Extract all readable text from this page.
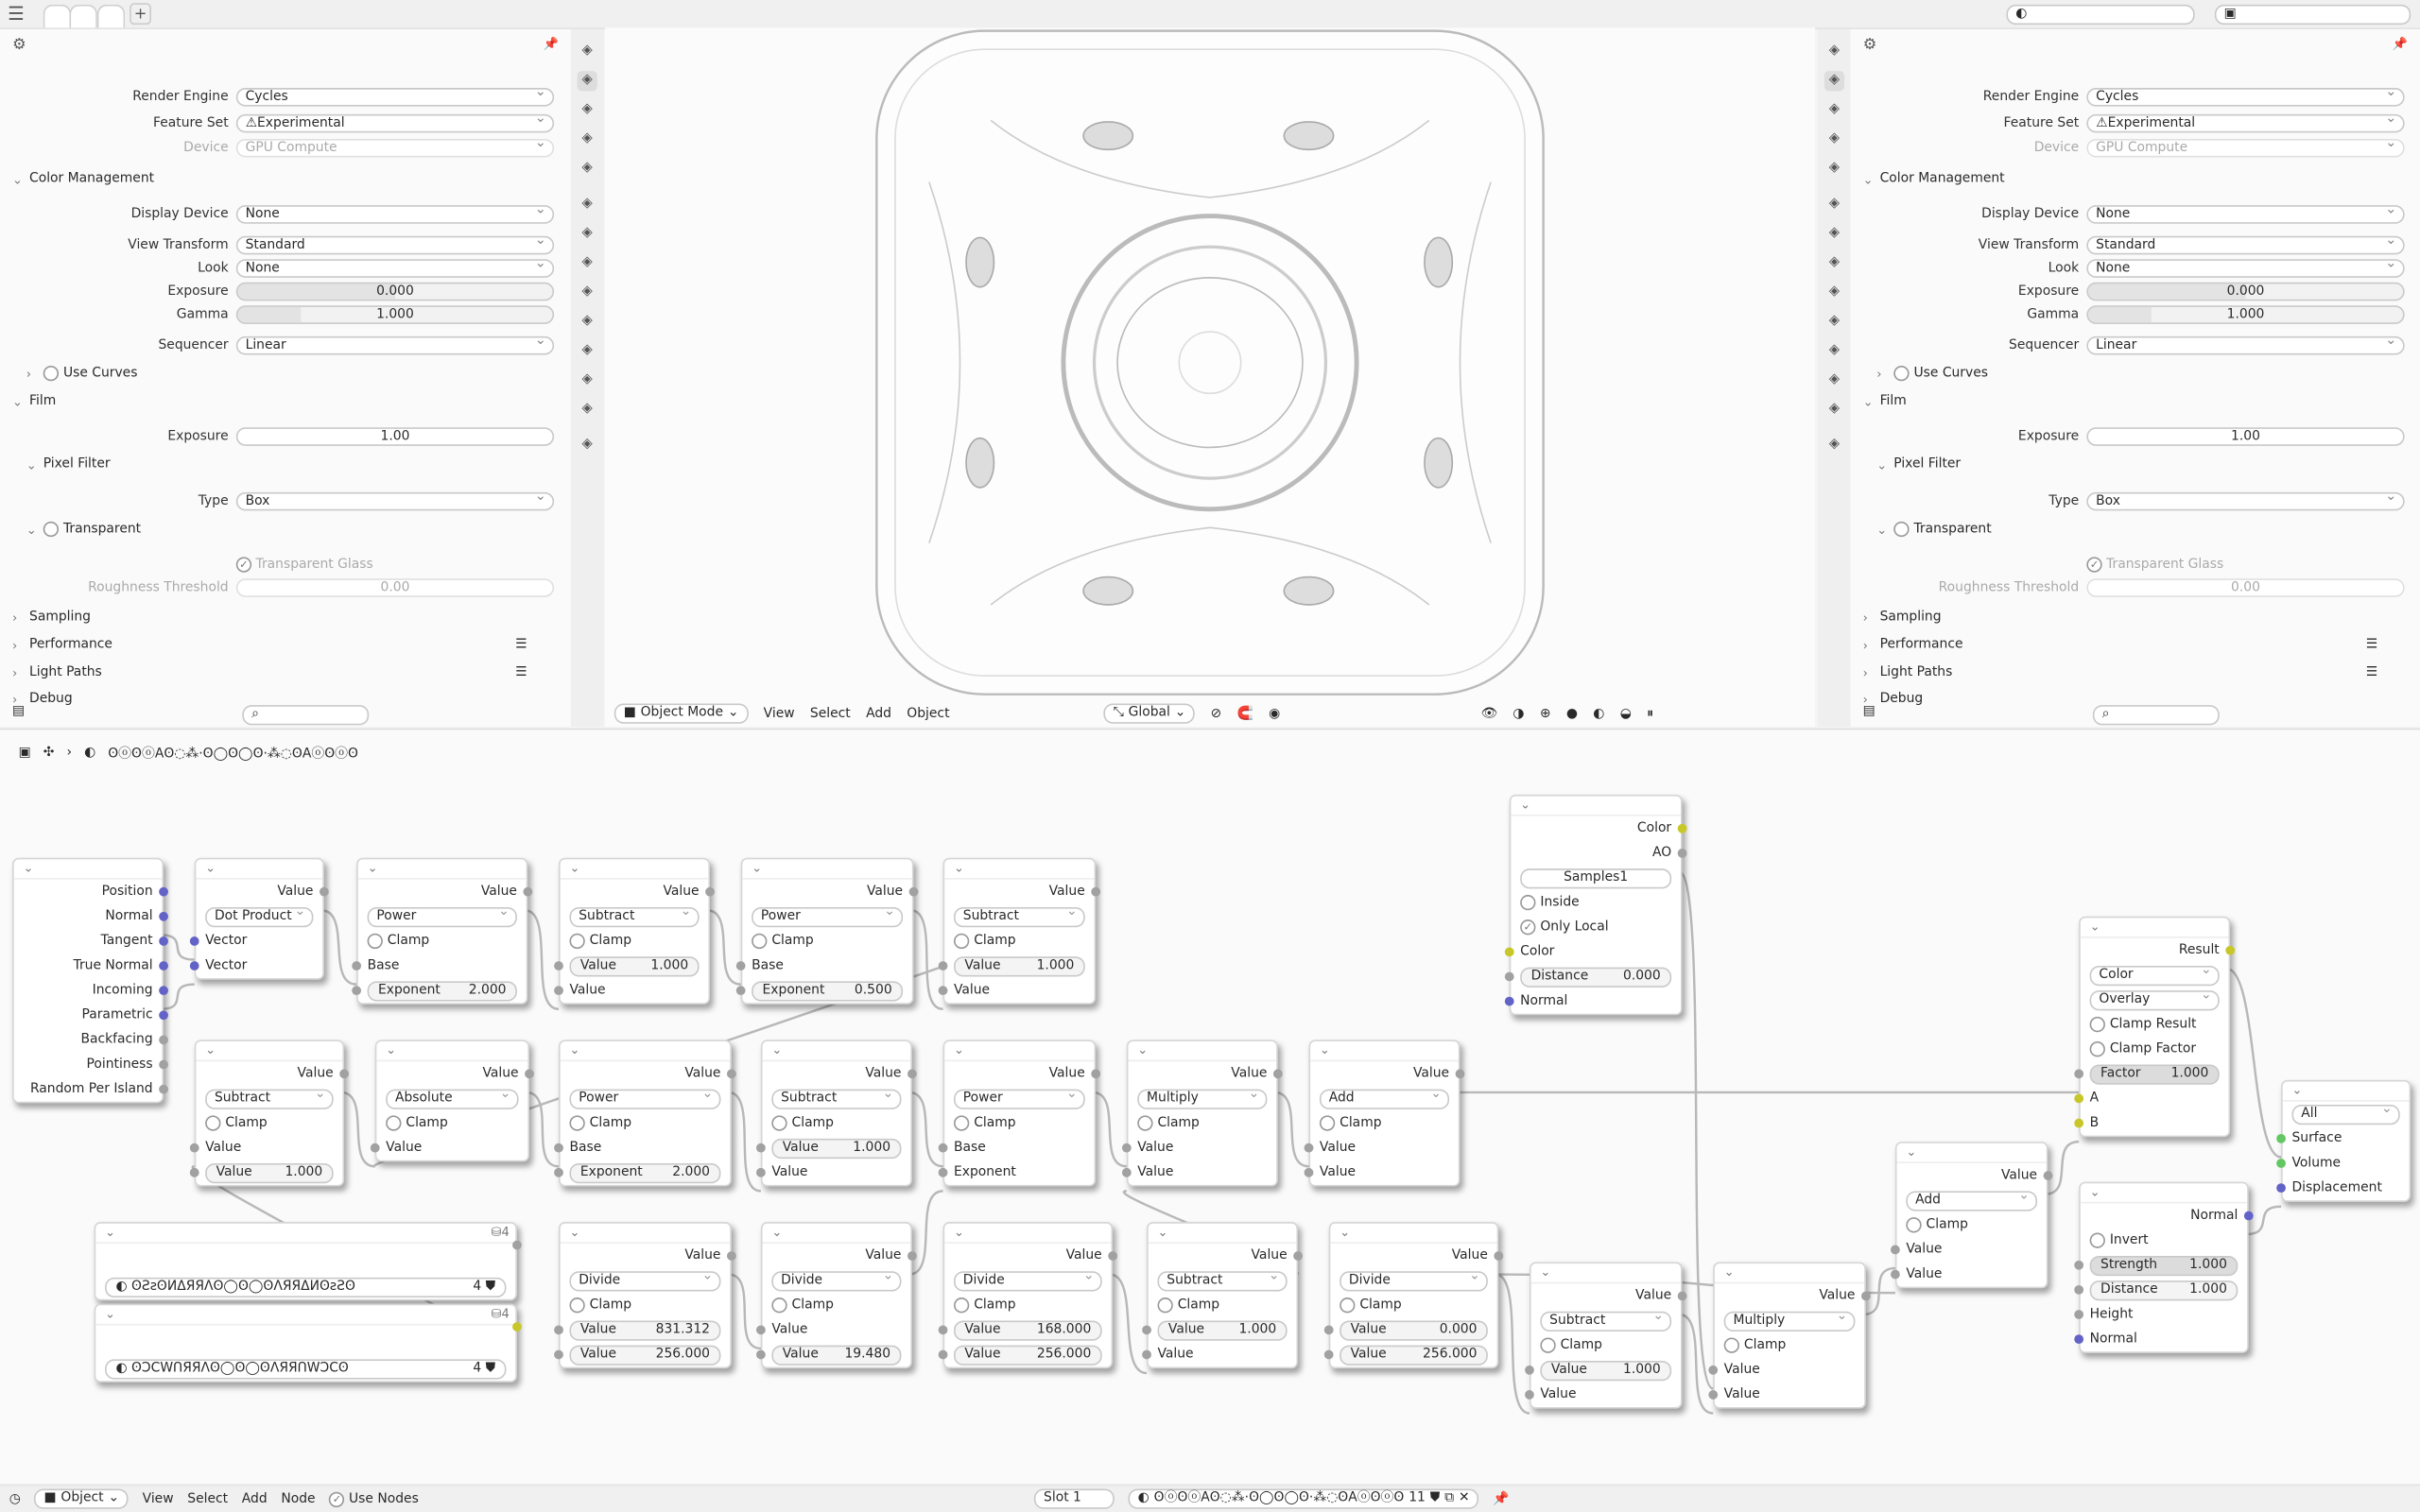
☰	+	◐	▣
⚙	📌
Render Engine Cycles
⌄
Feature Set ⚠ Experimental
⌄
Device GPU Compute
⌄
⌄ Color Management
Display Device None
⌄
View Transform Standard
⌄
Look None
⌄
Exposure	0.000
Gamma	1.000
Sequencer Linear
⌄
›	Use Curves
⌄ Film
Exposure	1.00
⌄ Pixel Filter
Type Box
⌄
⌄	Transparent
✓ Transparent Glass
Roughness Threshold	0.00
›	Sampling
›	Performance	☰
›	Light Paths	☰
›	Debug
▤	⌕
◈
◈
◈
◈
◈
◈
◈
◈
◈
◈
◈
◈
◈
◈
■ Object Mode ⌄	View Select Add Object	⤡ Global ⌄	⊘ 🧲 ◉	👁 ◑ ⊕ ● ◐ ◒ ⏸
◈
◈
◈
◈
◈
◈
◈
◈
◈
◈
◈
◈
◈
◈
⚙	📌
Render Engine Cycles
⌄
Feature Set ⚠ Experimental
⌄
Device GPU Compute
⌄
⌄ Color Management
Display Device None
⌄
View Transform Standard
⌄
Look None
⌄
Exposure	0.000
Gamma	1.000
Sequencer Linear
⌄
›	Use Curves
⌄ Film
Exposure	1.00
⌄ Pixel Filter
Type Box
⌄
⌄	Transparent
✓ Transparent Glass
Roughness Threshold	0.00
›	Sampling
›	Performance	☰
›	Light Paths	☰
›	Debug
▤	⌕
▣ ✣ › ◐ ʘⓞʘⓞAʘ◌⁂·ʘ◯ʘ◯ʘ·⁂◌ʘAⓞʘⓞʘ
⌄
Position
Normal
Tangent
True Normal
Incoming
Parametric
Backfacing
Pointiness
Random Per Island
⌄
Value
Dot Product ⌄
Vector
Vector
⌄
Value
Power ⌄
Clamp
Base
Exponent	2.000
⌄
Value
Subtract ⌄
Clamp
Value	1.000
Value
⌄
Value
Power ⌄
Clamp
Base
Exponent	0.500
⌄
Value
Subtract ⌄
Clamp
Value	1.000
Value
⌄
Value
Subtract ⌄
Clamp
Value
Value	1.000
⌄
Value
Absolute ⌄
Clamp
Value
⌄
Value
Power ⌄
Clamp
Base
Exponent	2.000
⌄
Value
Subtract ⌄
Clamp
Value	1.000
Value
⌄
Value
Power ⌄
Clamp
Base
Exponent
⌄
Value
Multiply ⌄
Clamp
Value
Value
⌄
Value
Add ⌄
Clamp
Value
Value
⌄	⛁4
◐ ʘƧƨʘИΔЯЯΛʘ◯ʘ◯ʘΛЯЯΔИʘƨƧʘ	4 ⛊
⌄	⛁4
◐ ʘϽϹWՈЯЯΛʘ◯ʘ◯ʘΛЯЯՈWϽϹʘ	4 ⛊
⌄
Value
Divide ⌄
Clamp
Value	831.312
Value	256.000
⌄
Value
Divide ⌄
Clamp
Value
Value	19.480
⌄
Value
Divide ⌄
Clamp
Value	168.000
Value	256.000
⌄
Value
Subtract ⌄
Clamp
Value	1.000
Value
⌄
Value
Divide ⌄
Clamp
Value	0.000
Value	256.000
⌄
Value
Subtract ⌄
Clamp
Value	1.000
Value
⌄
Value
Multiply ⌄
Clamp
Value
Value
⌄
Color
AO
Samples 1
Inside
✓ Only Local
Color
Distance	0.000
Normal
⌄
Value
Add ⌄
Clamp
Value
Value
⌄
Result
Color ⌄
Overlay ⌄
Clamp Result
Clamp Factor
Factor	1.000
A
B
⌄
Normal
Invert
Strength	1.000
Distance	1.000
Height
Normal
⌄
All ⌄
Surface
Volume
Displacement
◷	■ Object ⌄	View Select Add Node	✓ Use Nodes	Slot 1	◐ ʘⓞʘⓞAʘ◌⁂·ʘ◯ʘ◯ʘ·⁂◌ʘAⓞʘⓞʘ 11 ⛊ ⧉ ✕	📌
